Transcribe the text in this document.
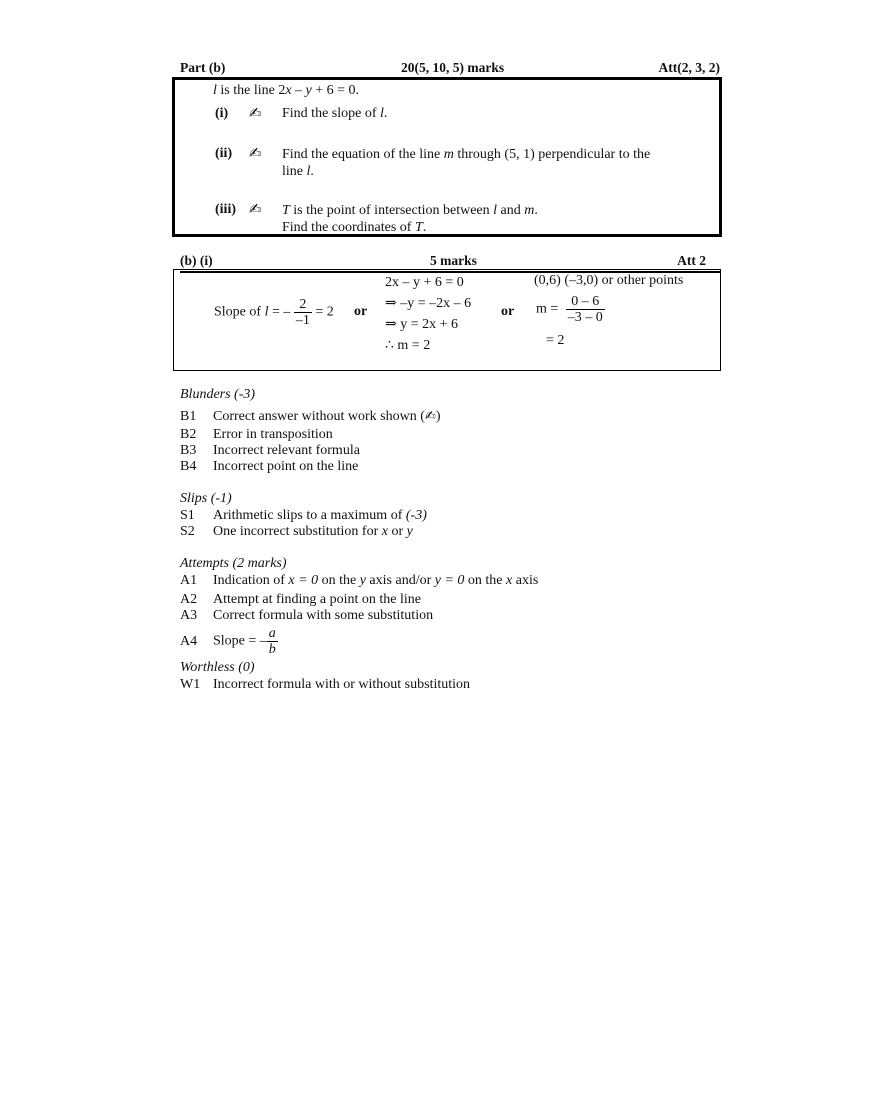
Part (b)	20(5, 10, 5) marks	Att(2, 3, 2)
l is the line 2x – y + 6 = 0.
(i) ✍ Find the slope of l.
(ii) ✍ Find the equation of the line m through (5, 1) perpendicular to the
line l.
(iii) ✍ T is the point of intersection between l and m.
Find the coordinates of T.
(b) (i)	5 marks	Att 2
Slope of l = – $\frac{2}{-1} = 2$ or
2x – y + 6 = 0
⇒ –y = –2x – 6
⇒ y = 2x + 6
∴ m = 2
or
(0,6) (–3,0) or other points
$m = \frac{0 - 6}{-3 - 0}$
= 2
Blunders (-3)
B1 Correct answer without work shown (✍)
B2 Error in transposition
B3 Incorrect relevant formula
B4 Incorrect point on the line
Slips (-1)
S1 Arithmetic slips to a maximum of (-3)
S2 One incorrect substitution for x or y
Attempts (2 marks)
A1 Indication of x = 0 on the y axis and/or y = 0 on the x axis
A2 Attempt at finding a point on the line
A3 Correct formula with some substitution
A4 Slope = – $\frac{a}{b}$
Worthless (0)
W1 Incorrect formula with or without substitution
